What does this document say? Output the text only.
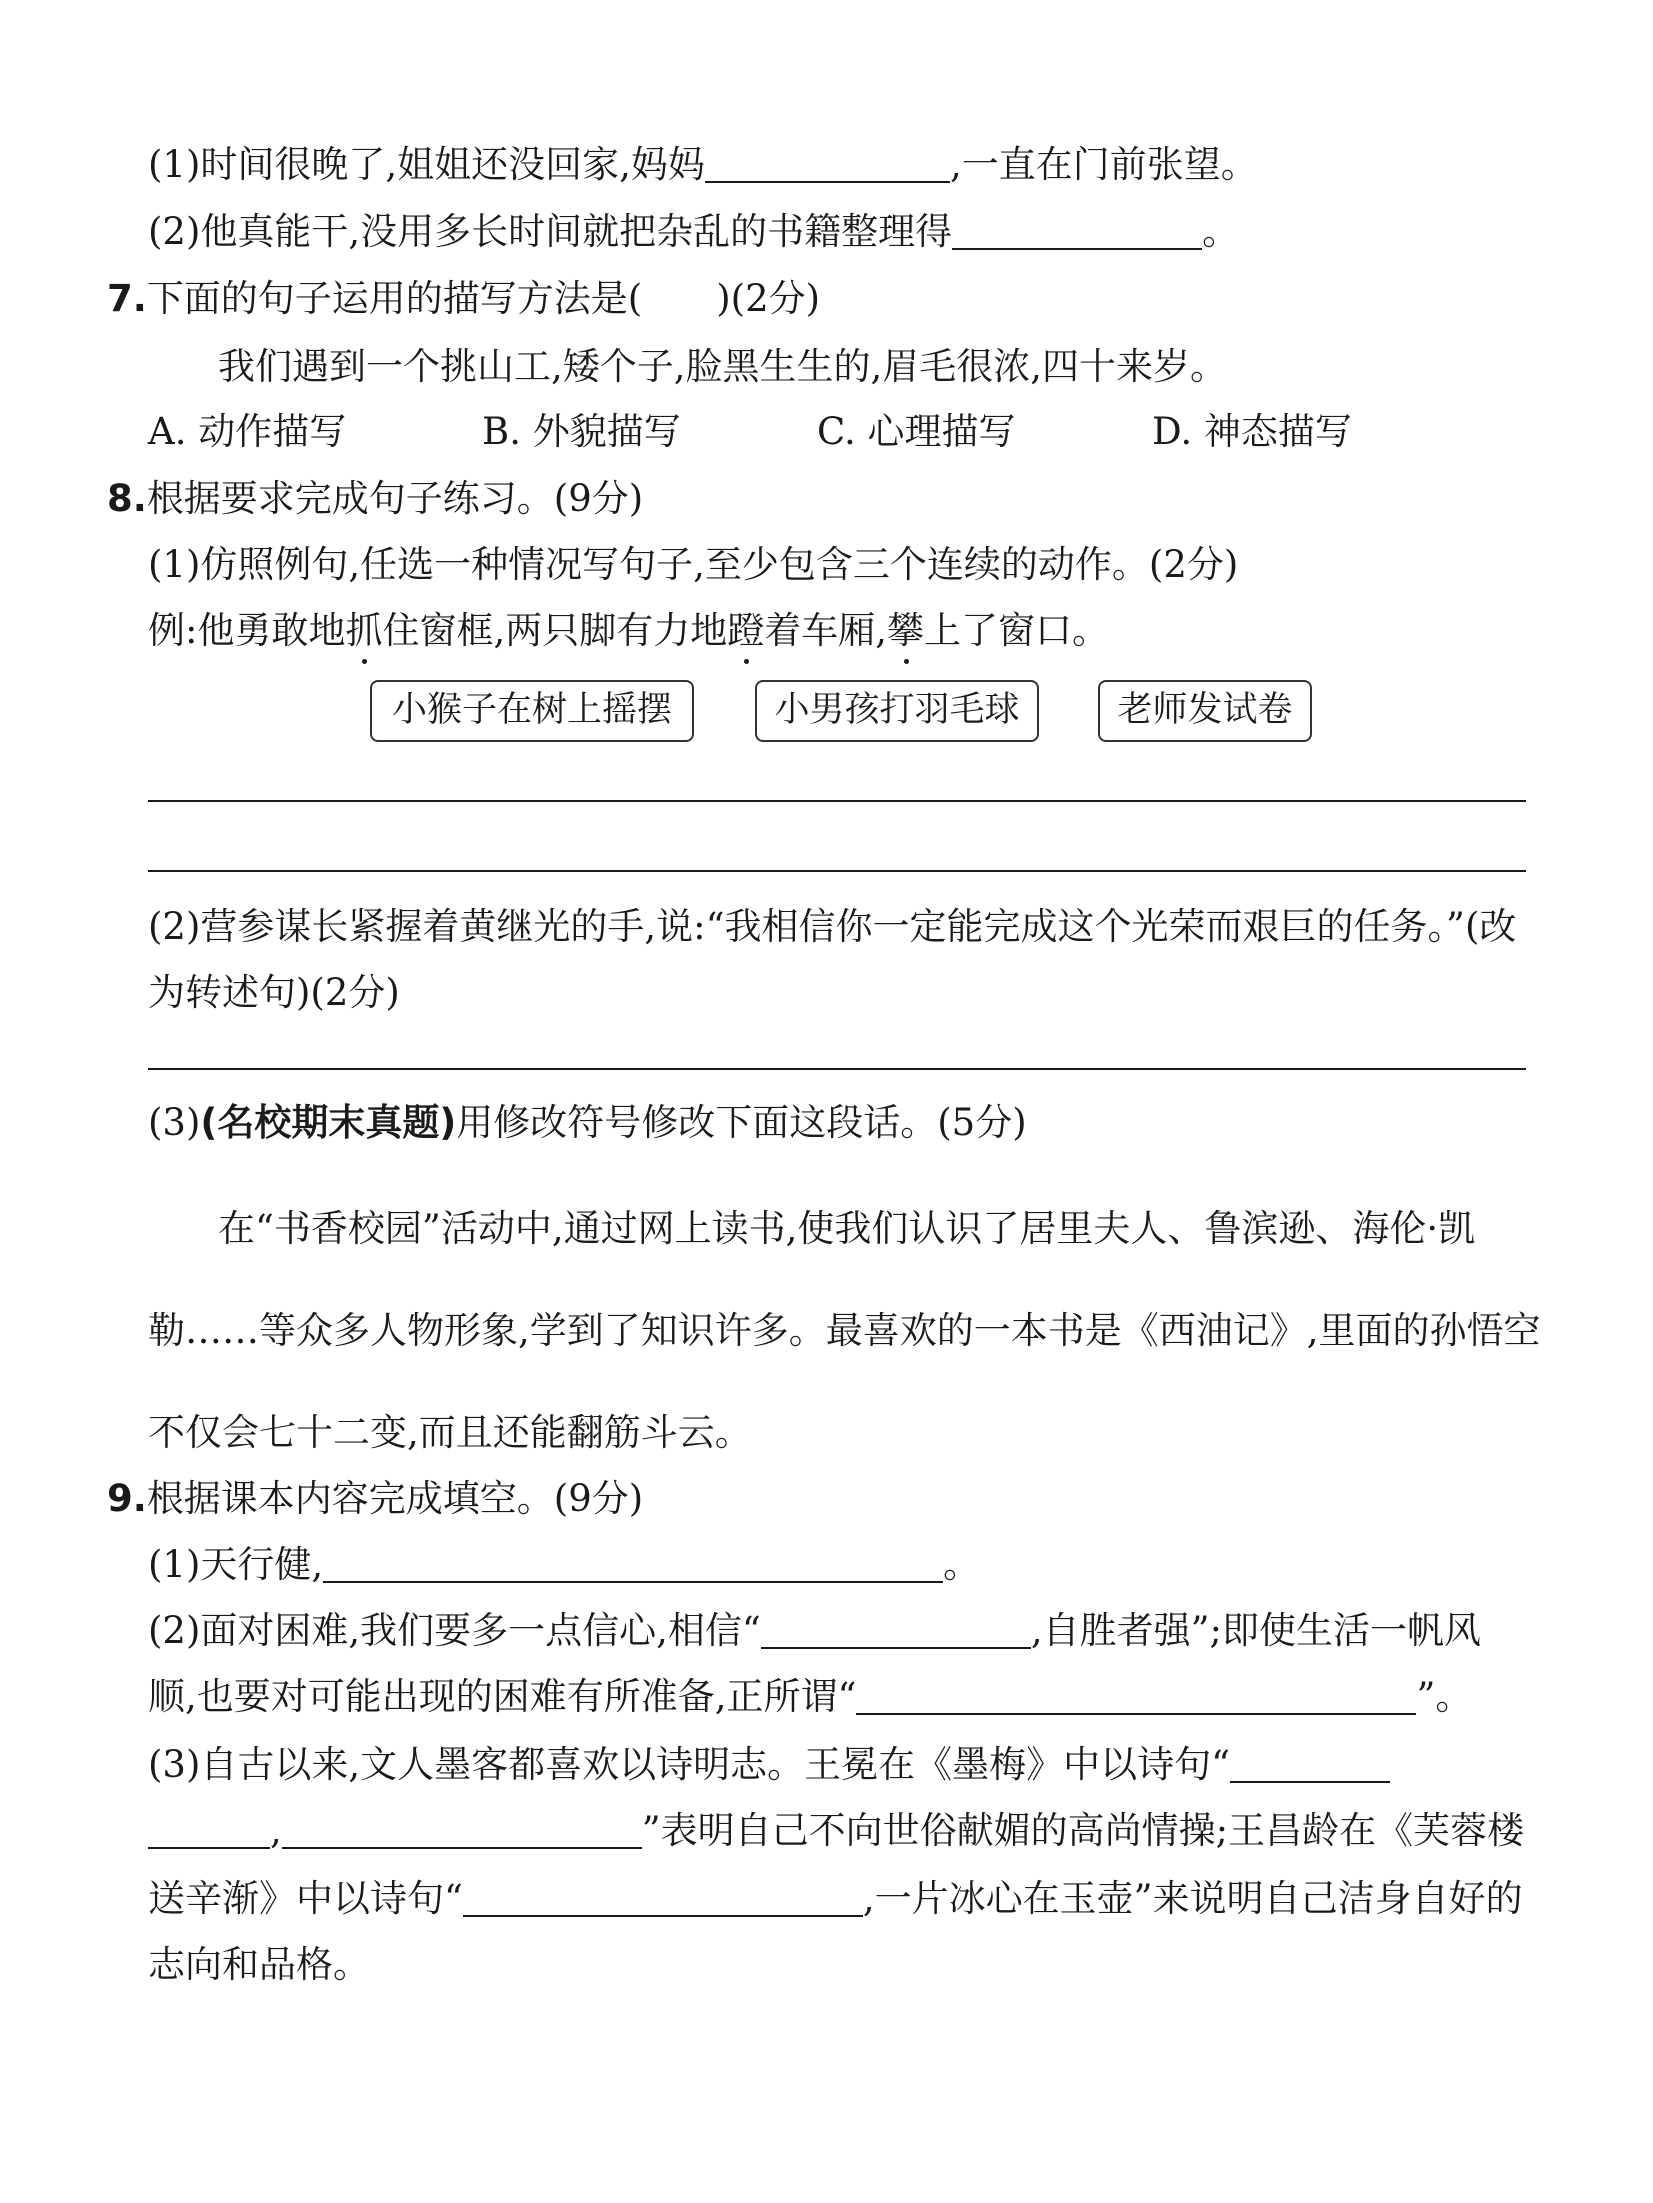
(1)时间很晚了,姐姐还没回家,妈妈	,一直在门前张望。
(2)他真能干,没用多长时间就把杂乱的书籍整理得	。
7.下面的句子运用的描写方法是(　　)(2分)
我们遇到一个挑山工,矮个子,脸黑生生的,眉毛很浓,四十来岁。
A. 动作描写	B. 外貌描写	C. 心理描写	D. 神态描写
8.根据要求完成句子练习。(9分)
(1)仿照例句,任选一种情况写句子,至少包含三个连续的动作。(2分)
例:他勇敢地抓住窗框,两只脚有力地蹬着车厢,攀上了窗口。
小猴子在树上摇摆	小男孩打羽毛球	老师发试卷
(2)营参谋长紧握着黄继光的手,说:“我相信你一定能完成这个光荣而艰巨的任务。”(改
为转述句)(2分)
(3)(名校期末真题)用修改符号修改下面这段话。(5分)
在“书香校园”活动中,通过网上读书,使我们认识了居里夫人、鲁滨逊、海伦·凯
勒……等众多人物形象,学到了知识许多。最喜欢的一本书是《西油记》,里面的孙悟空
不仅会七十二变,而且还能翻筋斗云。
9.根据课本内容完成填空。(9分)
(1)天行健,	。
(2)面对困难,我们要多一点信心,相信“	,自胜者强”;即使生活一帆风
顺,也要对可能出现的困难有所准备,正所谓“	”。
(3)自古以来,文人墨客都喜欢以诗明志。王冕在《墨梅》中以诗句“
,	”表明自己不向世俗献媚的高尚情操;王昌龄在《芙蓉楼
送辛渐》中以诗句“	,一片冰心在玉壶”来说明自己洁身自好的
志向和品格。
